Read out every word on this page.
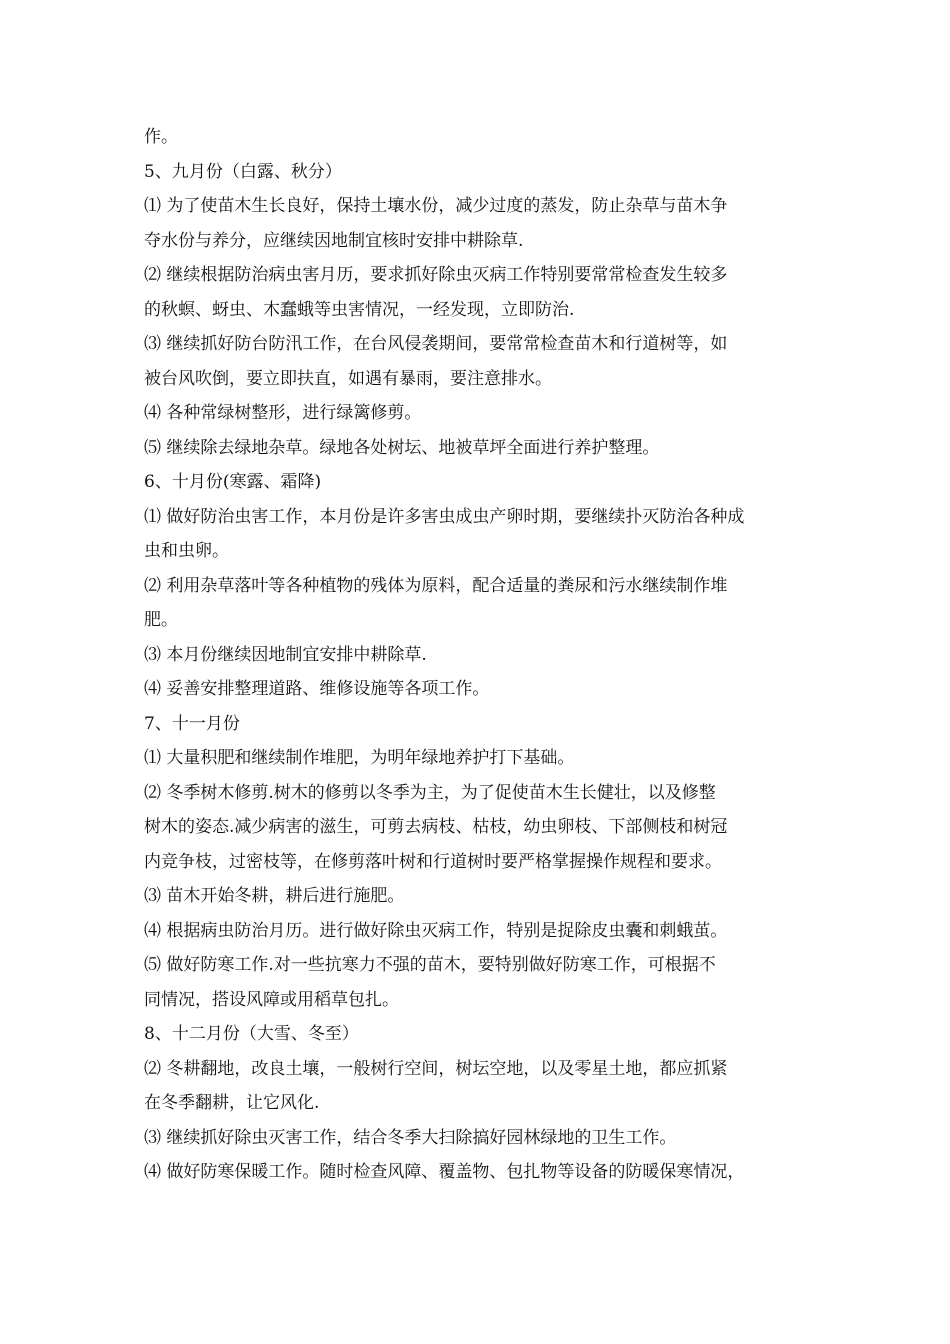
作。
5、九月份（白露、秋分）
⑴ 为了使苗木生长良好，保持土壤水份，减少过度的蒸发，防止杂草与苗木争
夺水份与养分，应继续因地制宜核时安排中耕除草.
⑵ 继续根据防治病虫害月历，要求抓好除虫灭病工作特别要常常检查发生较多
的秋螟、蚜虫、木蠢蛾等虫害情况，一经发现，立即防治.
⑶ 继续抓好防台防汛工作，在台风侵袭期间，要常常检查苗木和行道树等，如
被台风吹倒，要立即扶直，如遇有暴雨，要注意排水。
⑷ 各种常绿树整形，进行绿篱修剪。
⑸ 继续除去绿地杂草。绿地各处树坛、地被草坪全面进行养护整理。
6、十月份(寒露、霜降)
⑴ 做好防治虫害工作，本月份是许多害虫成虫产卵时期，要继续扑灭防治各种成
虫和虫卵。
⑵ 利用杂草落叶等各种植物的残体为原料，配合适量的粪尿和污水继续制作堆
肥。
⑶ 本月份继续因地制宜安排中耕除草.
⑷ 妥善安排整理道路、维修设施等各项工作。
7、十一月份
⑴ 大量积肥和继续制作堆肥，为明年绿地养护打下基础。
⑵ 冬季树木修剪.树木的修剪以冬季为主，为了促使苗木生长健壮，以及修整
树木的姿态.减少病害的滋生，可剪去病枝、枯枝，幼虫卵枝、下部侧枝和树冠
内竞争枝，过密枝等，在修剪落叶树和行道树时要严格掌握操作规程和要求。
⑶ 苗木开始冬耕，耕后进行施肥。
⑷ 根据病虫防治月历。进行做好除虫灭病工作，特别是捉除皮虫囊和刺蛾茧。
⑸ 做好防寒工作.对一些抗寒力不强的苗木，要特别做好防寒工作，可根据不
同情况，搭设风障或用稻草包扎。
8、十二月份（大雪、冬至）
⑵ 冬耕翻地，改良土壤，一般树行空间，树坛空地，以及零星土地，都应抓紧
在冬季翻耕，让它风化.
⑶ 继续抓好除虫灭害工作，结合冬季大扫除搞好园林绿地的卫生工作。
⑷ 做好防寒保暖工作。随时检查风障、覆盖物、包扎物等设备的防暖保寒情况，
